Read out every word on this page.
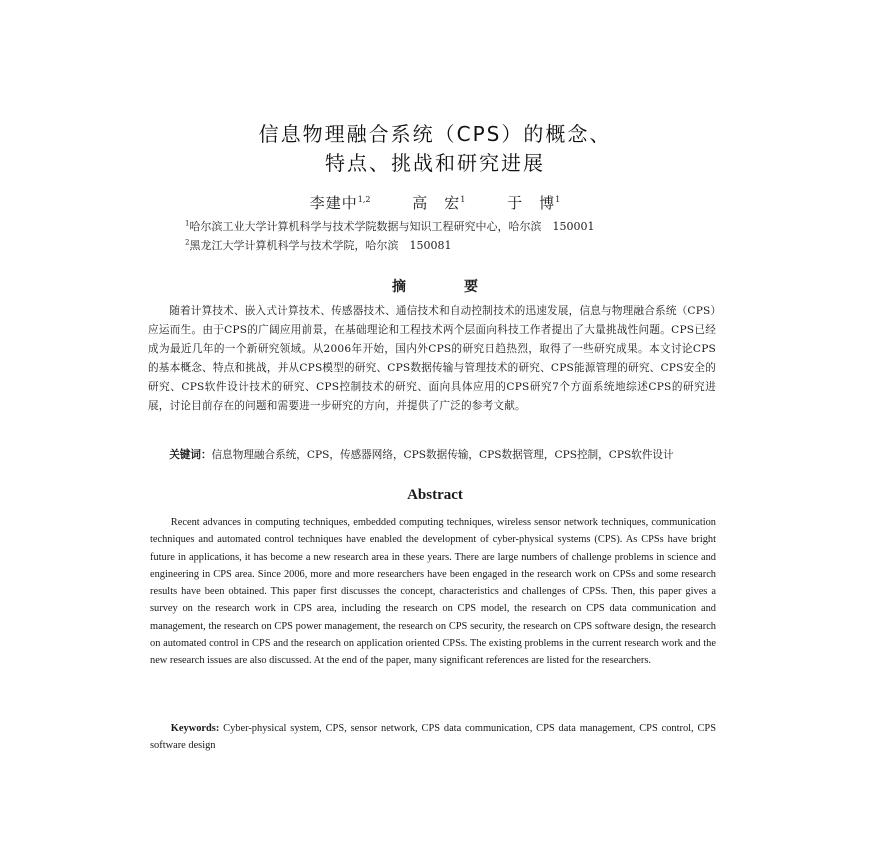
信息物理融合系统（CPS）的概念、
特点、挑战和研究进展
李建中$^{1,2}$	高　宏$^1$	于　博$^1$
$^1$哈尔滨工业大学计算机科学与技术学院数据与知识工程研究中心，哈尔滨　150001
$^2$黑龙江大学计算机科学与技术学院，哈尔滨　150081
摘　要

随着计算技术、嵌入式计算技术、传感器技术、通信技术和自动控制技术的迅速发展，信息与物理融合系统（CPS）应运而生。由于CPS的广阔应用前景，在基础理论和工程技术两个层面向科技工作者提出了大量挑战性问题。CPS已经成为最近几年的一个新研究领域。从2006年开始，国内外CPS的研究日趋热烈，取得了一些研究成果。本文讨论CPS的基本概念、特点和挑战，并从CPS模型的研究、CPS数据传输与管理技术的研究、CPS能源管理的研究、CPS安全的研究、CPS软件设计技术的研究、CPS控制技术的研究、面向具体应用的CPS研究7个方面系统地综述CPS的研究进展，讨论目前存在的问题和需要进一步研究的方向，并提供了广泛的参考文献。

关键词：信息物理融合系统，CPS，传感器网络，CPS数据传输，CPS数据管理，CPS控制，CPS软件设计

Abstract

Recent advances in computing techniques, embedded computing techniques, wireless sensor network techniques, communication techniques and automated control techniques have enabled the development of cyber-physical systems (CPS). As CPSs have bright future in applications, it has become a new research area in these years. There are large numbers of challenge problems in science and engineering in CPS area. Since 2006, more and more researchers have been engaged in the research work on CPSs and some research results have been obtained. This paper first discusses the concept, characteristics and challenges of CPSs. Then, this paper gives a survey on the research work in CPS area, including the research on CPS model, the research on CPS data communication and management, the research on CPS power management, the research on CPS security, the research on CPS software design, the research on automated control in CPS and the research on application oriented CPSs. The existing problems in the current research work and the new research issues are also discussed. At the end of the paper, many significant references are listed for the researchers.

Keywords: Cyber-physical system, CPS, sensor network, CPS data communication, CPS data management, CPS control, CPS software design
